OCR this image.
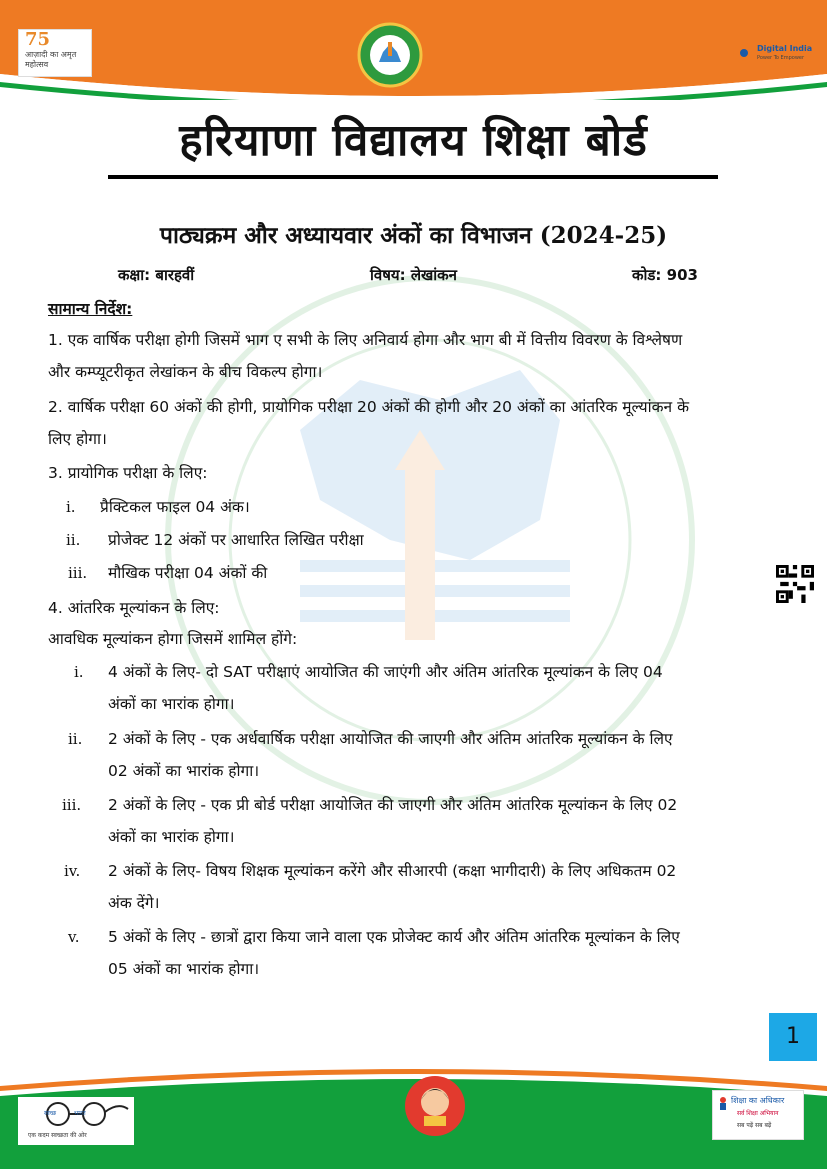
75
आज़ादी का अमृत महोत्सव
Digital India
Power To Empower
हरियाणा विद्यालय शिक्षा बोर्ड
पाठ्यक्रम और अध्यायवार अंकों का विभाजन (2024-25)
कक्षा: बारहवीं	विषय: लेखांकन	कोड: 903
सामान्य निर्देश:
1. एक वार्षिक परीक्षा होगी जिसमें भाग ए सभी के लिए अनिवार्य होगा और भाग बी में वित्तीय विवरण के विश्लेषण
और कम्प्यूटरीकृत लेखांकन के बीच विकल्प होगा।
2. वार्षिक परीक्षा 60 अंकों की होगी, प्रायोगिक परीक्षा 20 अंकों की होगी और 20 अंकों का आंतरिक मूल्यांकन के
लिए होगा।
3. प्रायोगिक परीक्षा के लिए:
i. प्रैक्टिकल फाइल 04 अंक।
ii. प्रोजेक्ट 12 अंकों पर आधारित लिखित परीक्षा
iii. मौखिक परीक्षा 04 अंकों की
4. आंतरिक मूल्यांकन के लिए:
आवधिक मूल्यांकन होगा जिसमें शामिल होंगे:
i. 4 अंकों के लिए- दो SAT परीक्षाएं आयोजित की जाएंगी और अंतिम आंतरिक मूल्यांकन के लिए 04
अंकों का भारांक होगा।
ii. 2 अंकों के लिए - एक अर्धवार्षिक परीक्षा आयोजित की जाएगी और अंतिम आंतरिक मूल्यांकन के लिए
02 अंकों का भारांक होगा।
iii. 2 अंकों के लिए - एक प्री बोर्ड परीक्षा आयोजित की जाएगी और अंतिम आंतरिक मूल्यांकन के लिए 02
अंकों का भारांक होगा।
iv. 2 अंकों के लिए- विषय शिक्षक मूल्यांकन करेंगे और सीआरपी (कक्षा भागीदारी) के लिए अधिकतम 02
अंक देंगे।
v. 5 अंकों के लिए - छात्रों द्वारा किया जाने वाला एक प्रोजेक्ट कार्य और अंतिम आंतरिक मूल्यांकन के लिए
05 अंकों का भारांक होगा।
1
स्वच्छ भारत
एक कदम स्वच्छता की ओर
शिक्षा का अधिकार
सर्व शिक्षा अभियान
सब पढ़ें सब बढ़ें
